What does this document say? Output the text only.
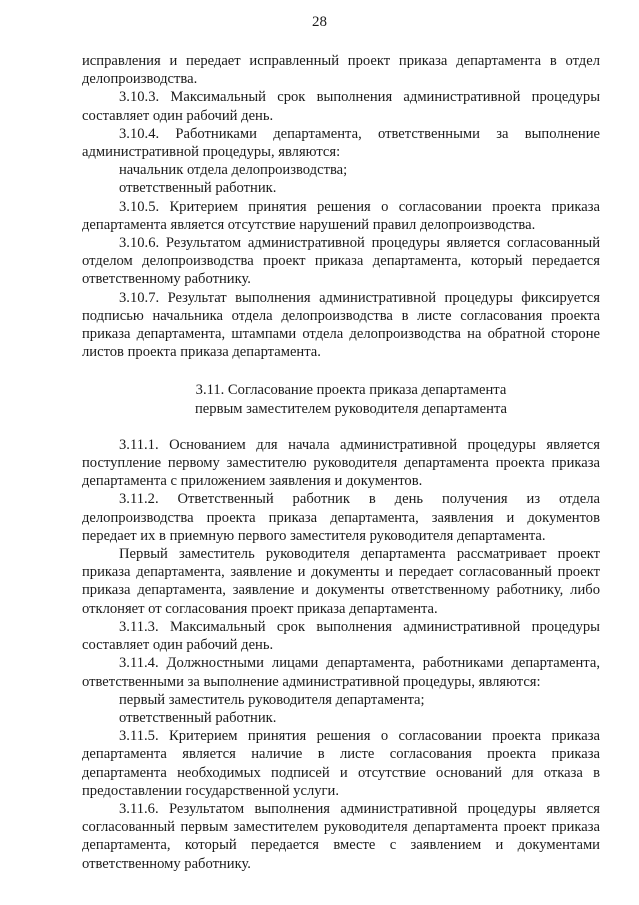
28

исправления и передает исправленный проект приказа департамента в отдел делопроизводства.

3.10.3. Максимальный срок выполнения административной процедуры составляет один рабочий день.

3.10.4. Работниками департамента, ответственными за выполнение административной процедуры, являются:

начальник отдела делопроизводства;

ответственный работник.

3.10.5. Критерием принятия решения о согласовании проекта приказа департамента является отсутствие нарушений правил делопроизводства.

3.10.6. Результатом административной процедуры является согласованный отделом делопроизводства проект приказа департамента, который передается ответственному работнику.

3.10.7. Результат выполнения административной процедуры фиксируется подписью начальника отдела делопроизводства в листе согласования проекта приказа департамента, штампами отдела делопроизводства на обратной стороне листов проекта приказа департамента.

3.11. Согласование проекта приказа департамента
первым заместителем руководителя департамента

3.11.1. Основанием для начала административной процедуры является поступление первому заместителю руководителя департамента проекта приказа департамента с приложением заявления и документов.

3.11.2. Ответственный работник в день получения из отдела делопроизводства проекта приказа департамента, заявления и документов передает их в приемную первого заместителя руководителя департамента.

Первый заместитель руководителя департамента рассматривает проект приказа департамента, заявление и документы и передает согласованный проект приказа департамента, заявление и документы ответственному работнику, либо отклоняет от согласования проект приказа департамента.

3.11.3. Максимальный срок выполнения административной процедуры составляет один рабочий день.

3.11.4. Должностными лицами департамента, работниками департамента, ответственными за выполнение административной процедуры, являются:

первый заместитель руководителя департамента;

ответственный работник.

3.11.5. Критерием принятия решения о согласовании проекта приказа департамента является наличие в листе согласования проекта приказа департамента необходимых подписей и отсутствие оснований для отказа в предоставлении государственной услуги.

3.11.6. Результатом выполнения административной процедуры является согласованный первым заместителем руководителя департамента проект приказа департамента, который передается вместе с заявлением и документами ответственному работнику.
